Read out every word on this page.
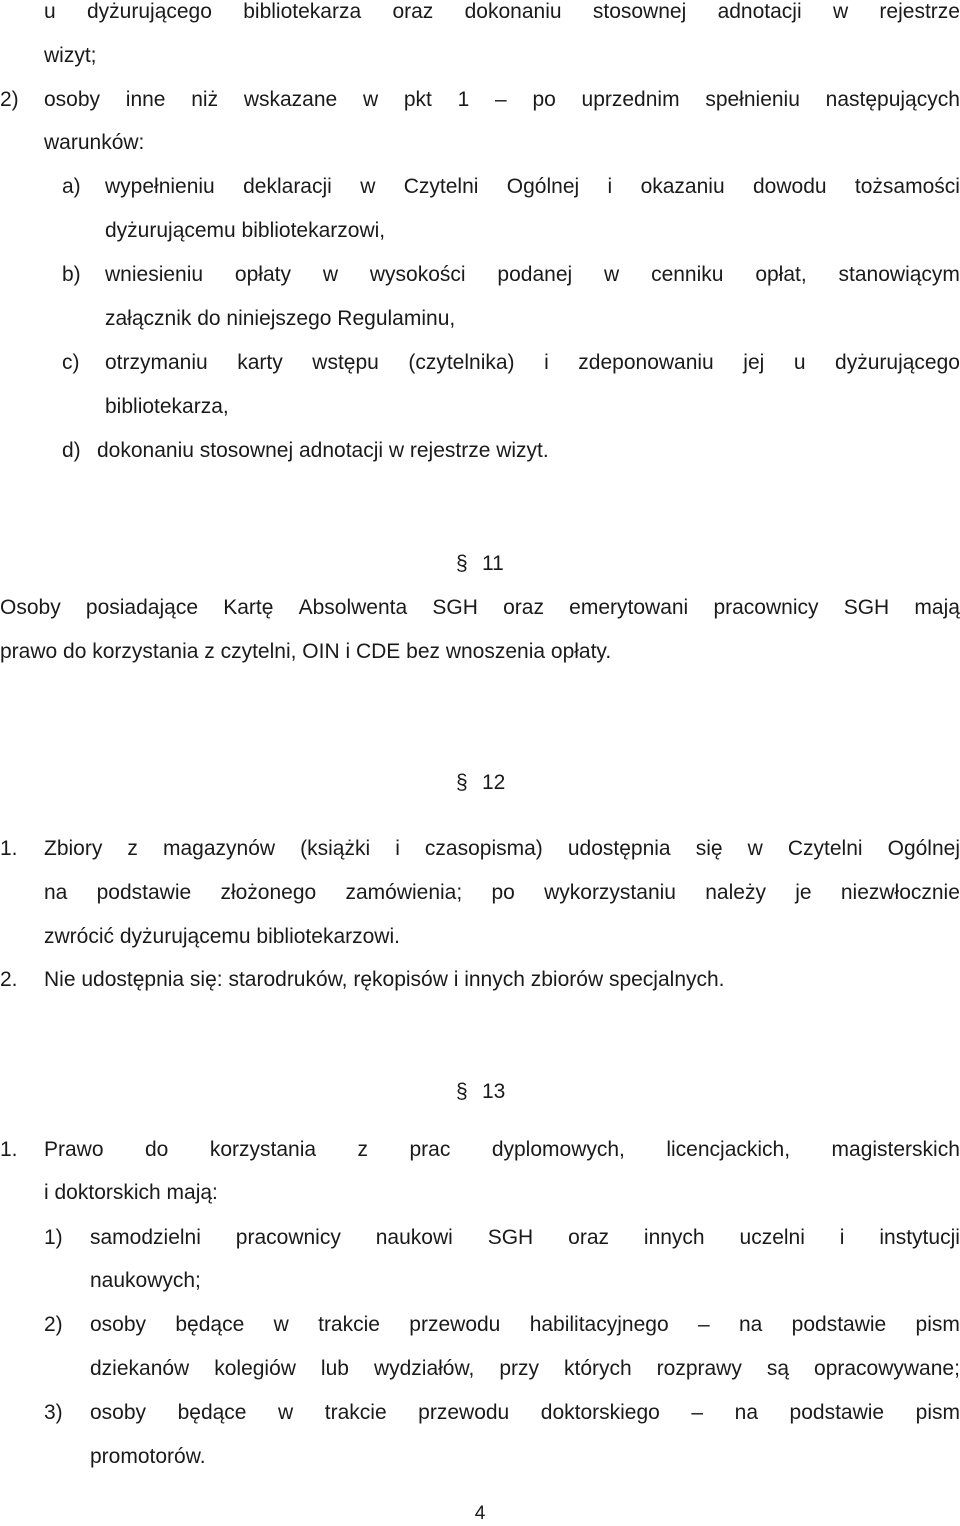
u dyżurującego bibliotekarza oraz dokonaniu stosownej adnotacji w rejestrze
wizyt;
2) osoby inne niż wskazane w pkt 1 – po uprzednim spełnieniu następujących
warunków:
a) wypełnieniu deklaracji w Czytelni Ogólnej i okazaniu dowodu tożsamości
dyżurującemu bibliotekarzowi,
b) wniesieniu opłaty w wysokości podanej w cenniku opłat, stanowiącym
załącznik do niniejszego Regulaminu,
c) otrzymaniu karty wstępu (czytelnika) i zdeponowaniu jej u dyżurującego
bibliotekarza,
d) dokonaniu stosownej adnotacji w rejestrze wizyt.
§ 11
Osoby posiadające Kartę Absolwenta SGH oraz emerytowani pracownicy SGH mają
prawo do korzystania z czytelni, OIN i CDE bez wnoszenia opłaty.
§ 12
1. Zbiory z magazynów (książki i czasopisma) udostępnia się w Czytelni Ogólnej
na podstawie złożonego zamówienia; po wykorzystaniu należy je niezwłocznie
zwrócić dyżurującemu bibliotekarzowi.
2. Nie udostępnia się: starodruków, rękopisów i innych zbiorów specjalnych.
§ 13
1. Prawo do korzystania z prac dyplomowych, licencjackich, magisterskich
i doktorskich mają:
1) samodzielni pracownicy naukowi SGH oraz innych uczelni i instytucji
naukowych;
2) osoby będące w trakcie przewodu habilitacyjnego – na podstawie pism
dziekanów kolegiów lub wydziałów, przy których rozprawy są opracowywane;
3) osoby będące w trakcie przewodu doktorskiego – na podstawie pism
promotorów.
4
